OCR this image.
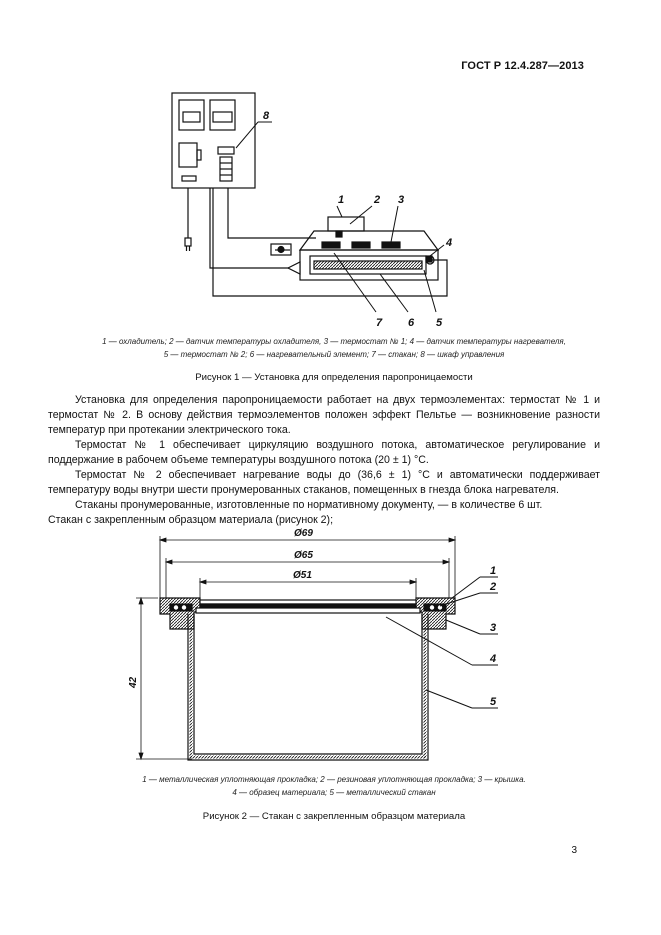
ГОСТ Р 12.4.287—2013
8
1	2 3
4
7 6 5
Ø69
Ø65
Ø51
42
1
2
3
4
5
1 — охладитель; 2 — датчик температуры охладителя, 3 — термостат № 1; 4 — датчик температуры нагревателя,
5 — термостат № 2; 6 — нагревательный элемент; 7 — стакан; 8 — шкаф управления
Рисунок 1 — Установка для определения паропроницаемости

Установка для определения паропроницаемости работает на двух термоэлементах: термостат № 1 и термостат № 2. В основу действия термоэлементов положен эффект Пельтье — возникновение разности температур при протекании электрического тока.

Термостат № 1 обеспечивает циркуляцию воздушного потока, автоматическое регулирование и поддержание в рабочем объеме температуры воздушного потока (20 ± 1) °С.

Термостат № 2 обеспечивает нагревание воды до (36,6 ± 1) °С и автоматически поддерживает температуру воды внутри шести пронумерованных стаканов, помещенных в гнезда блока нагревателя.

Стаканы пронумерованные, изготовленные по нормативному документу, — в количестве 6 шт.

Стакан с закрепленным образцом материала (рисунок 2);

1 — металлическая уплотняющая прокладка; 2 — резиновая уплотняющая прокладка; 3 — крышка.
4 — образец материала; 5 — металлический стакан
Рисунок 2 — Стакан с закрепленным образцом материала
3
